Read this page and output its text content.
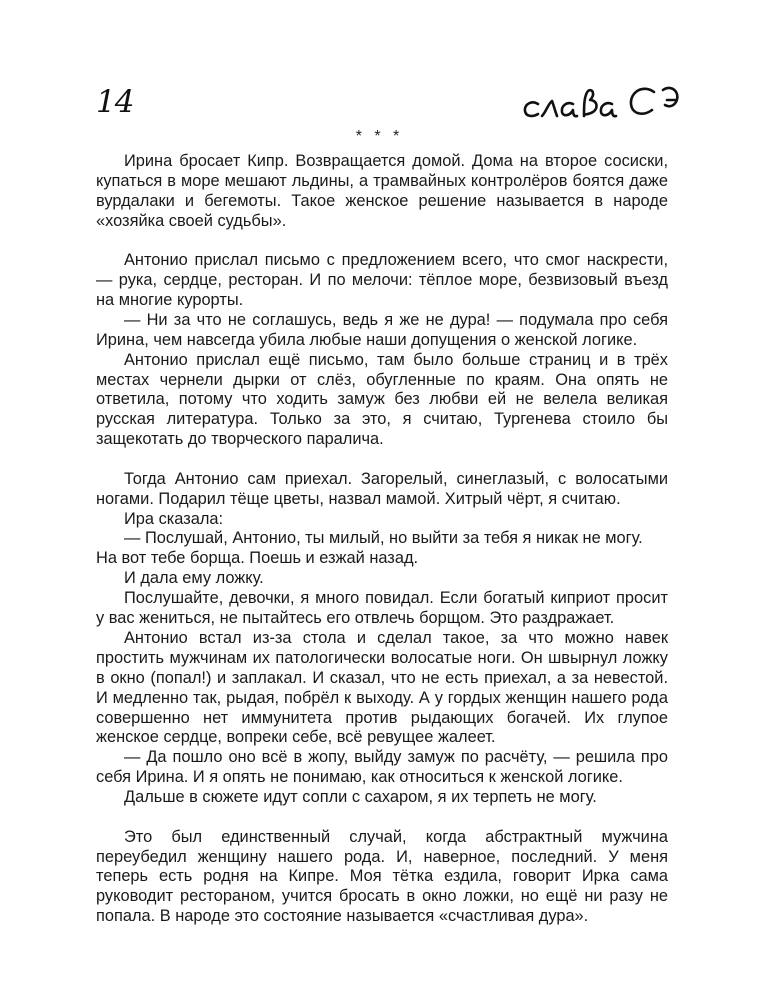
14
* * *

Ирина бросает Кипр. Возвращается домой. Дома на второе сосиски, купаться в море мешают льдины, а трамвайных контролёров боятся даже вурдалаки и бегемоты. Такое женское решение называется в народе «хозяйка своей судьбы».

Антонио прислал письмо с предложением всего, что смог наскрести, — рука, сердце, ресторан. И по мелочи: тёплое море, безвизовый въезд на многие курорты.

— Ни за что не соглашусь, ведь я же не дура! — подумала про себя Ирина, чем навсегда убила любые наши допущения о женской логике.

Антонио прислал ещё письмо, там было больше страниц и в трёх местах чернели дырки от слёз, обугленные по краям. Она опять не ответила, потому что ходить замуж без любви ей не велела великая русская литература. Только за это, я считаю, Тургенева стоило бы защекотать до творческого паралича.

Тогда Антонио сам приехал. Загорелый, синеглазый, с волосатыми ногами. Подарил тёще цветы, назвал мамой. Хитрый чёрт, я считаю.

Ира сказала:

— Послушай, Антонио, ты милый, но выйти за тебя я никак не могу.

На вот тебе борща. Поешь и езжай назад.

И дала ему ложку.

Послушайте, девочки, я много повидал. Если богатый киприот просит у вас жениться, не пытайтесь его отвлечь борщом. Это раздражает.

Антонио встал из-за стола и сделал такое, за что можно навек простить мужчинам их патологически волосатые ноги. Он швырнул ложку в окно (попал!) и заплакал. И сказал, что не есть приехал, а за невестой. И медленно так, рыдая, побрёл к выходу. А у гордых женщин нашего рода совершенно нет иммунитета против рыдающих богачей. Их глупое женское сердце, вопреки себе, всё ревущее жалеет.

— Да пошло оно всё в жопу, выйду замуж по расчёту, — решила про себя Ирина. И я опять не понимаю, как относиться к женской логике.

Дальше в сюжете идут сопли с сахаром, я их терпеть не могу.

Это был единственный случай, когда абстрактный мужчина переубедил женщину нашего рода. И, наверное, последний. У меня теперь есть родня на Кипре. Моя тётка ездила, говорит Ирка сама руководит рестораном, учится бросать в окно ложки, но ещё ни разу не попала. В народе это состояние называется «счастливая дура».
